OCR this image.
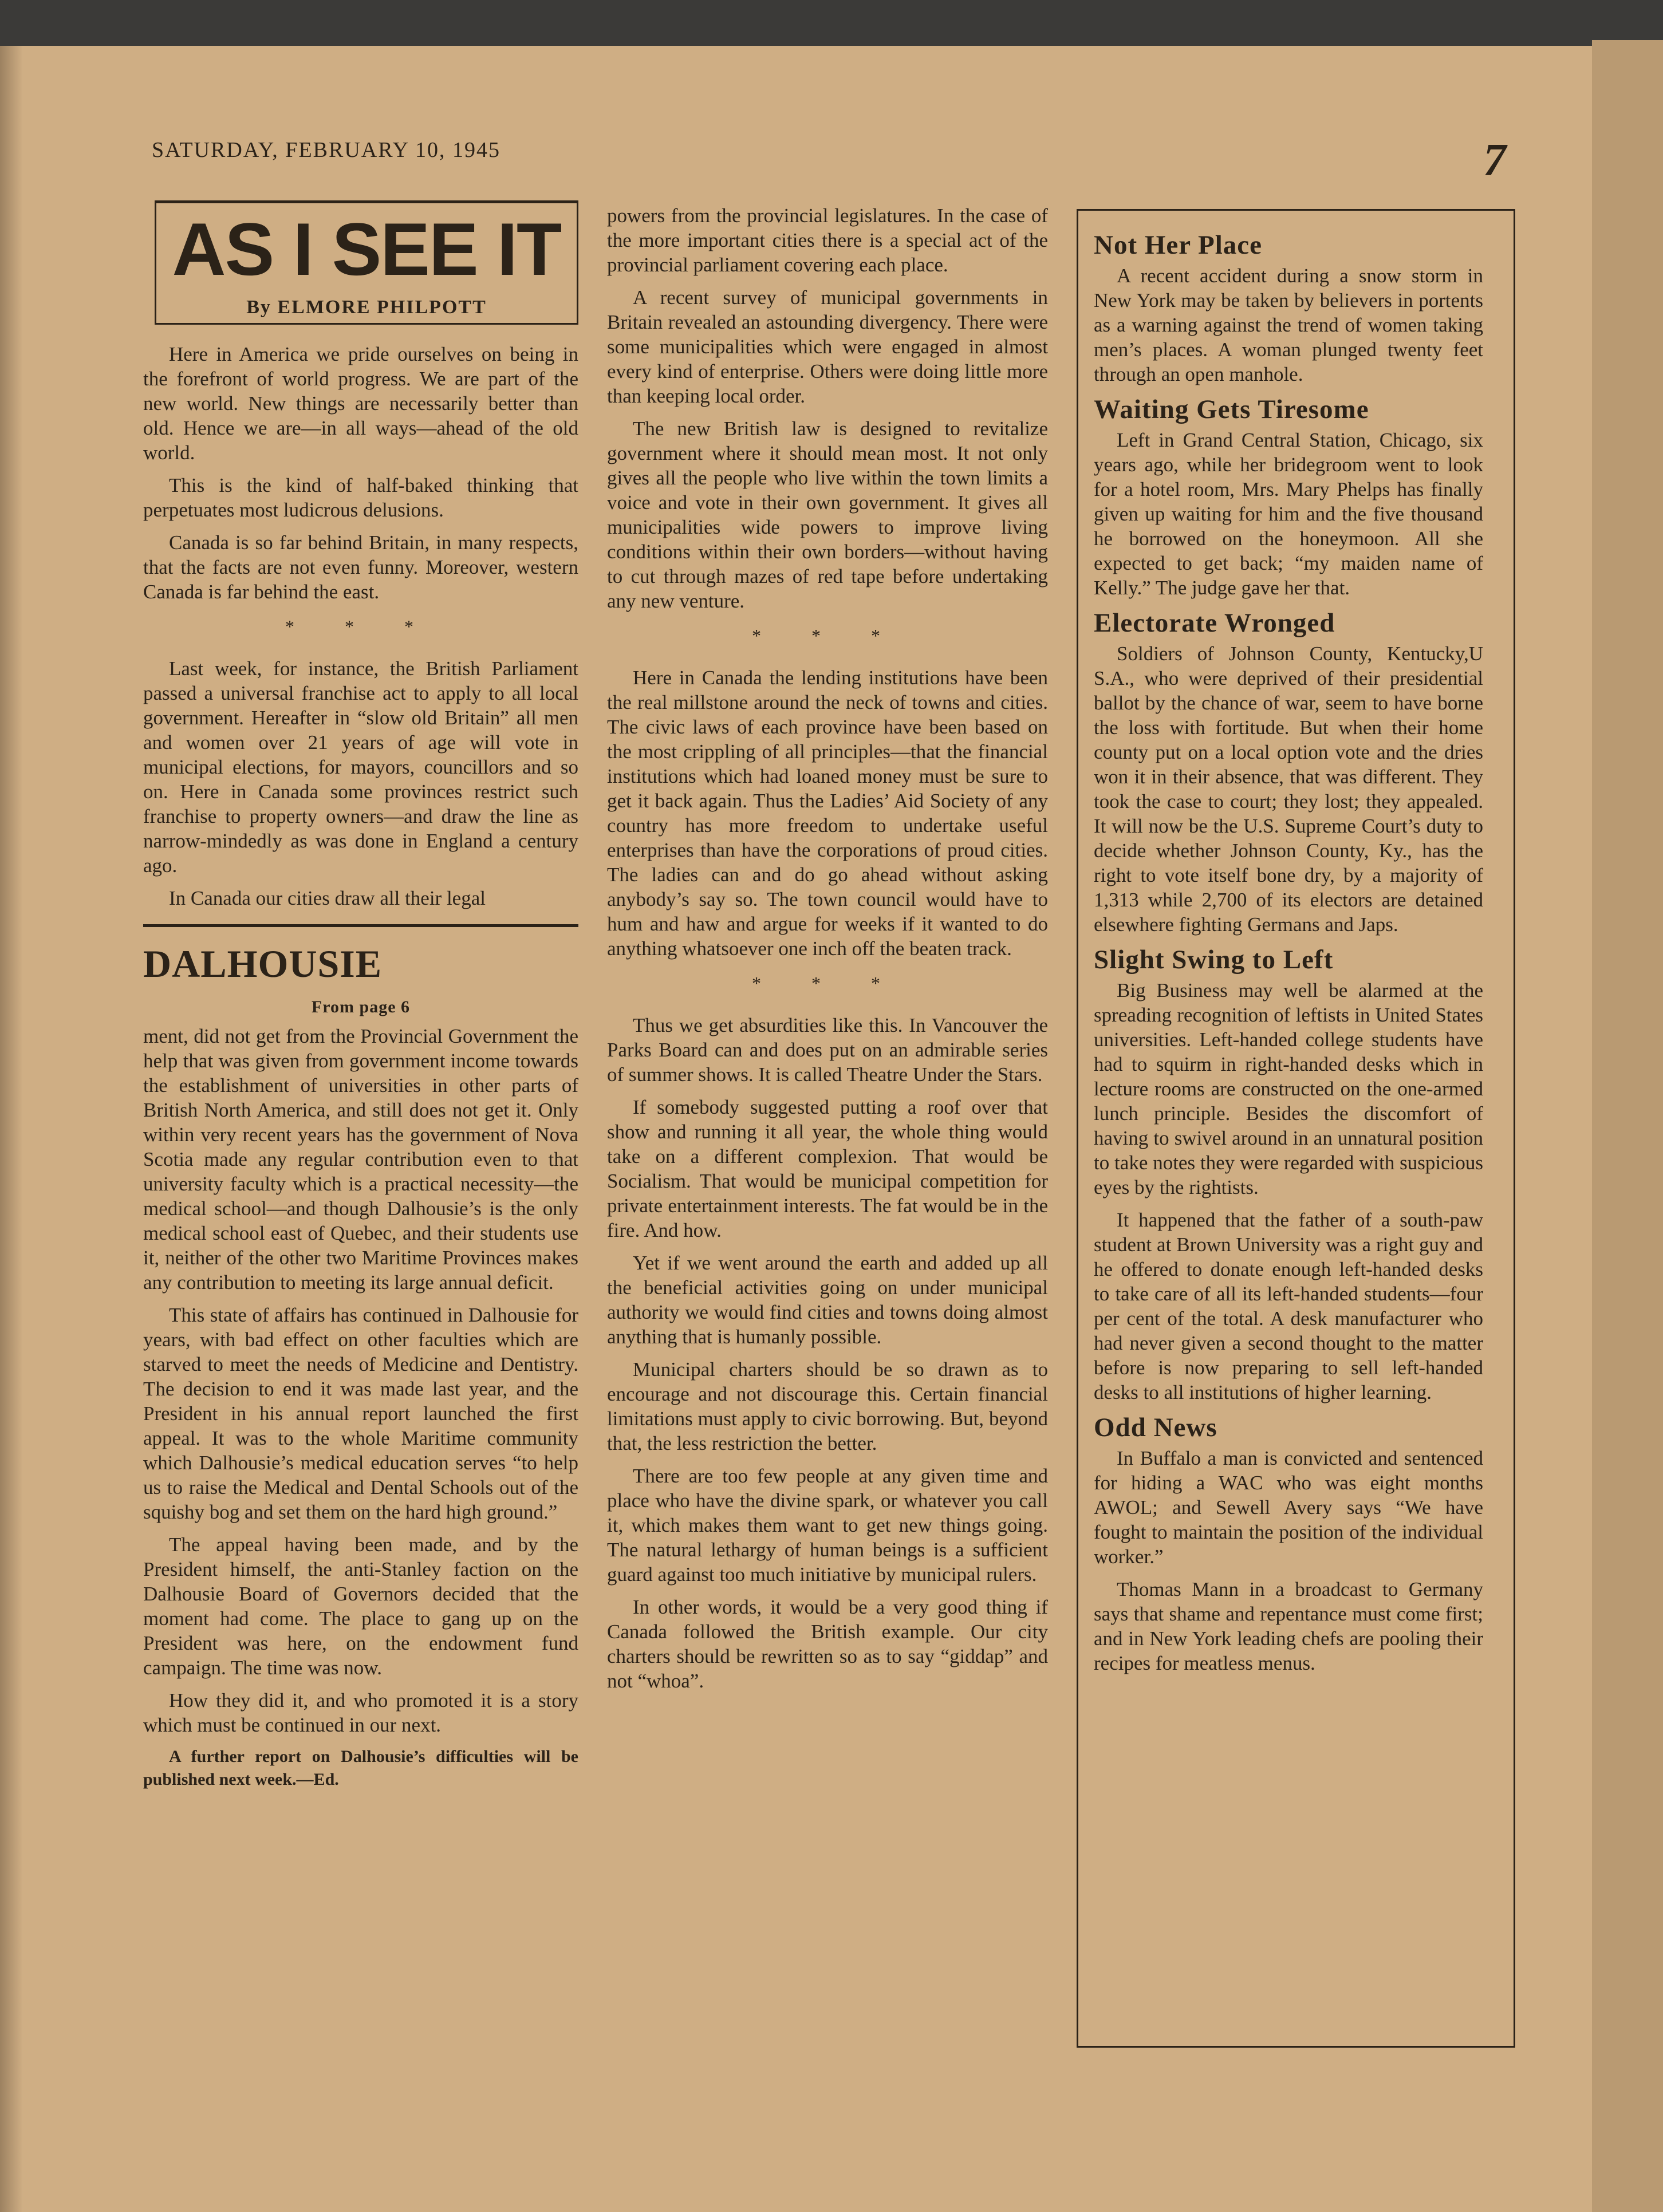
SATURDAY, FEBRUARY 10, 1945	7
AS I SEE IT
By ELMORE PHILPOTT

Here in America we pride ourselves on being in the forefront of world progress. We are part of the new world. New things are necessarily better than old. Hence we are—in all ways—ahead of the old world.

This is the kind of half-baked thinking that perpetuates most ludicrous delusions.

Canada is so far behind Britain, in many respects, that the facts are not even funny. Moreover, western Canada is far behind the east.

* * *

Last week, for instance, the British Parliament passed a universal franchise act to apply to all local government. Hereafter in “slow old Britain” all men and women over 21 years of age will vote in municipal elections, for mayors, councillors and so on. Here in Canada some provinces restrict such franchise to property owners—and draw the line as narrow-mindedly as was done in England a century ago.

In Canada our cities draw all their legal

DALHOUSIE
From page 6

ment, did not get from the Provincial Government the help that was given from government income towards the establishment of universities in other parts of British North America, and still does not get it. Only within very recent years has the government of Nova Scotia made any regular contribution even to that university faculty which is a practical necessity—the medical school—and though Dalhousie’s is the only medical school east of Quebec, and their students use it, neither of the other two Maritime Provinces makes any contribution to meeting its large annual deficit.

This state of affairs has continued in Dalhousie for years, with bad effect on other faculties which are starved to meet the needs of Medicine and Dentistry. The decision to end it was made last year, and the President in his annual report launched the first appeal. It was to the whole Maritime community which Dalhousie’s medical education serves “to help us to raise the Medical and Dental Schools out of the squishy bog and set them on the hard high ground.”

The appeal having been made, and by the President himself, the anti-Stanley faction on the Dalhousie Board of Governors decided that the moment had come. The place to gang up on the President was here, on the endowment fund campaign. The time was now.

How they did it, and who promoted it is a story which must be continued in our next.

A further report on Dalhousie’s difficulties will be published next week.—Ed.

powers from the provincial legislatures. In the case of the more important cities there is a special act of the provincial parliament covering each place.

A recent survey of municipal governments in Britain revealed an astounding divergency. There were some municipalities which were engaged in almost every kind of enterprise. Others were doing little more than keeping local order.

The new British law is designed to revitalize government where it should mean most. It not only gives all the people who live within the town limits a voice and vote in their own government. It gives all municipalities wide powers to improve living conditions within their own borders—without having to cut through mazes of red tape before undertaking any new venture.

* * *

Here in Canada the lending institutions have been the real millstone around the neck of towns and cities. The civic laws of each province have been based on the most crippling of all principles—that the financial institutions which had loaned money must be sure to get it back again. Thus the Ladies’ Aid Society of any country has more freedom to undertake useful enterprises than have the corporations of proud cities. The ladies can and do go ahead without asking anybody’s say so. The town council would have to hum and haw and argue for weeks if it wanted to do anything whatsoever one inch off the beaten track.

* * *

Thus we get absurdities like this. In Vancouver the Parks Board can and does put on an admirable series of summer shows. It is called Theatre Under the Stars.

If somebody suggested putting a roof over that show and running it all year, the whole thing would take on a different complexion. That would be Socialism. That would be municipal competition for private entertainment interests. The fat would be in the fire. And how.

Yet if we went around the earth and added up all the beneficial activities going on under municipal authority we would find cities and towns doing almost anything that is humanly possible.

Municipal charters should be so drawn as to encourage and not discourage this. Certain financial limitations must apply to civic borrowing. But, beyond that, the less restriction the better.

There are too few people at any given time and place who have the divine spark, or whatever you call it, which makes them want to get new things going. The natural lethargy of human beings is a sufficient guard against too much initiative by municipal rulers.

In other words, it would be a very good thing if Canada followed the British example. Our city charters should be rewritten so as to say “giddap” and not “whoa”.

Not Her Place

A recent accident during a snow storm in New York may be taken by believers in portents as a warning against the trend of women taking men’s places. A woman plunged twenty feet through an open manhole.

Waiting Gets Tiresome

Left in Grand Central Station, Chicago, six years ago, while her bridegroom went to look for a hotel room, Mrs. Mary Phelps has finally given up waiting for him and the five thousand he borrowed on the honeymoon. All she expected to get back; “my maiden name of Kelly.” The judge gave her that.

Electorate Wronged

Soldiers of Johnson County, Kentucky,U S.A., who were deprived of their presidential ballot by the chance of war, seem to have borne the loss with fortitude. But when their home county put on a local option vote and the dries won it in their absence, that was different. They took the case to court; they lost; they appealed. It will now be the U.S. Supreme Court’s duty to decide whether Johnson County, Ky., has the right to vote itself bone dry, by a majority of 1,313 while 2,700 of its electors are detained elsewhere fighting Germans and Japs.

Slight Swing to Left

Big Business may well be alarmed at the spreading recognition of leftists in United States universities. Left-handed college students have had to squirm in right-handed desks which in lecture rooms are constructed on the one-armed lunch principle. Besides the discomfort of having to swivel around in an unnatural position to take notes they were regarded with suspicious eyes by the rightists.

It happened that the father of a south-paw student at Brown University was a right guy and he offered to donate enough left-handed desks to take care of all its left-handed students—four per cent of the total. A desk manufacturer who had never given a second thought to the matter before is now preparing to sell left-handed desks to all institutions of higher learning.

Odd News

In Buffalo a man is convicted and sentenced for hiding a WAC who was eight months AWOL; and Sewell Avery says “We have fought to maintain the position of the individual worker.”

Thomas Mann in a broadcast to Germany says that shame and repentance must come first; and in New York leading chefs are pooling their recipes for meatless menus.
